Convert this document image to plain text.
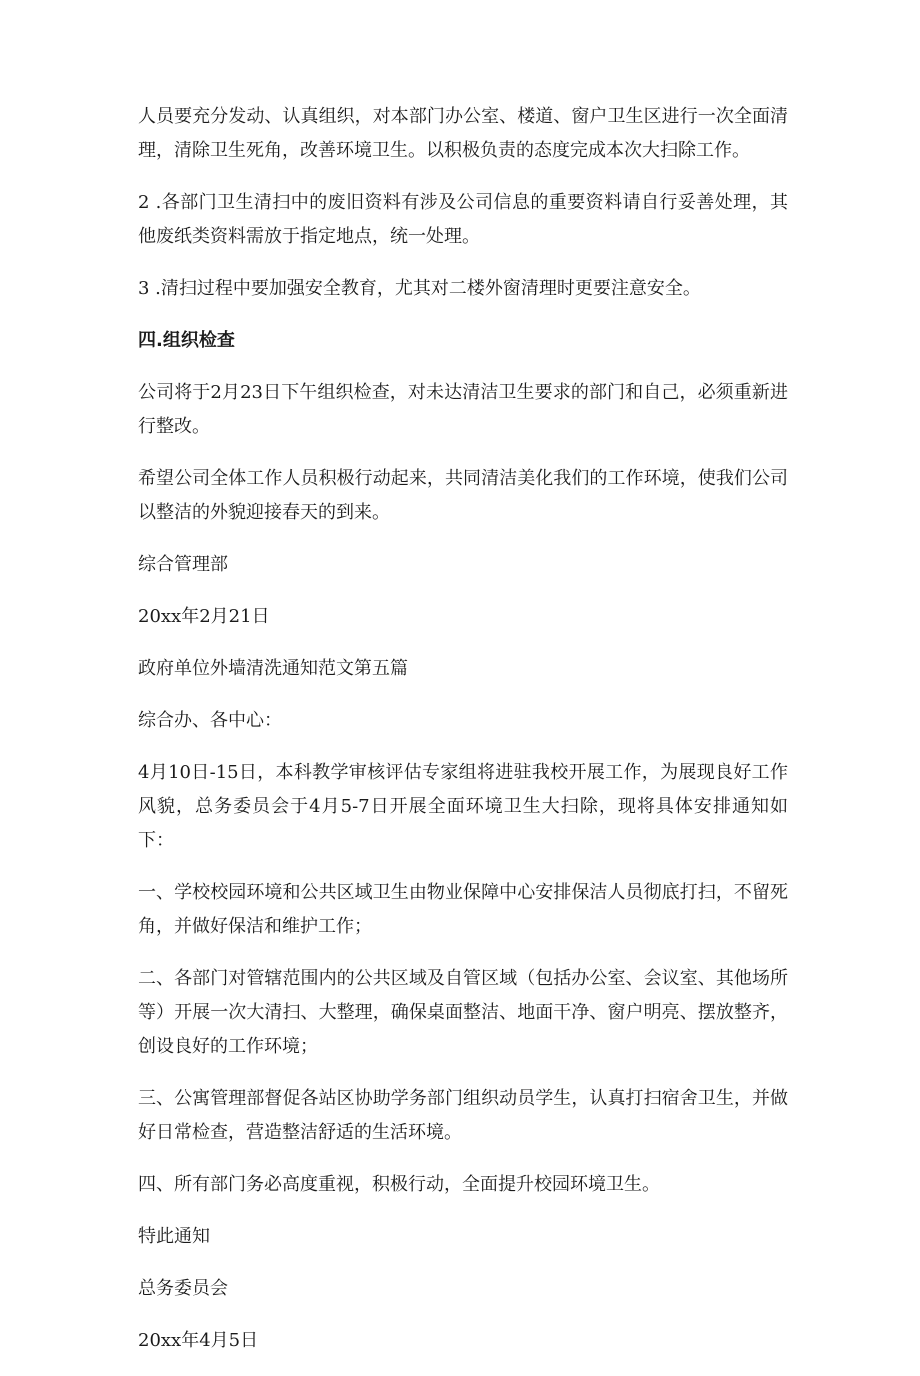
人员要充分发动、认真组织，对本部门办公室、楼道、窗户卫生区进行一次全面清理，清除卫生死角，改善环境卫生。以积极负责的态度完成本次大扫除工作。

2 .各部门卫生清扫中的废旧资料有涉及公司信息的重要资料请自行妥善处理，其他废纸类资料需放于指定地点，统一处理。

3 .清扫过程中要加强安全教育，尤其对二楼外窗清理时更要注意安全。

四.组织检查

公司将于2月23日下午组织检查，对未达清洁卫生要求的部门和自己，必须重新进行整改。

希望公司全体工作人员积极行动起来，共同清洁美化我们的工作环境，使我们公司以整洁的外貌迎接春天的到来。

综合管理部

20xx年2月21日

政府单位外墙清洗通知范文第五篇

综合办、各中心：

4月10日-15日，本科教学审核评估专家组将进驻我校开展工作，为展现良好工作风貌，总务委员会于4月5-7日开展全面环境卫生大扫除，现将具体安排通知如下：

一、学校校园环境和公共区域卫生由物业保障中心安排保洁人员彻底打扫，不留死角，并做好保洁和维护工作；

二、各部门对管辖范围内的公共区域及自管区域（包括办公室、会议室、其他场所等）开展一次大清扫、大整理，确保桌面整洁、地面干净、窗户明亮、摆放整齐，创设良好的工作环境；

三、公寓管理部督促各站区协助学务部门组织动员学生，认真打扫宿舍卫生，并做好日常检查，营造整洁舒适的生活环境。

四、所有部门务必高度重视，积极行动，全面提升校园环境卫生。

特此通知

总务委员会

20xx年4月5日
